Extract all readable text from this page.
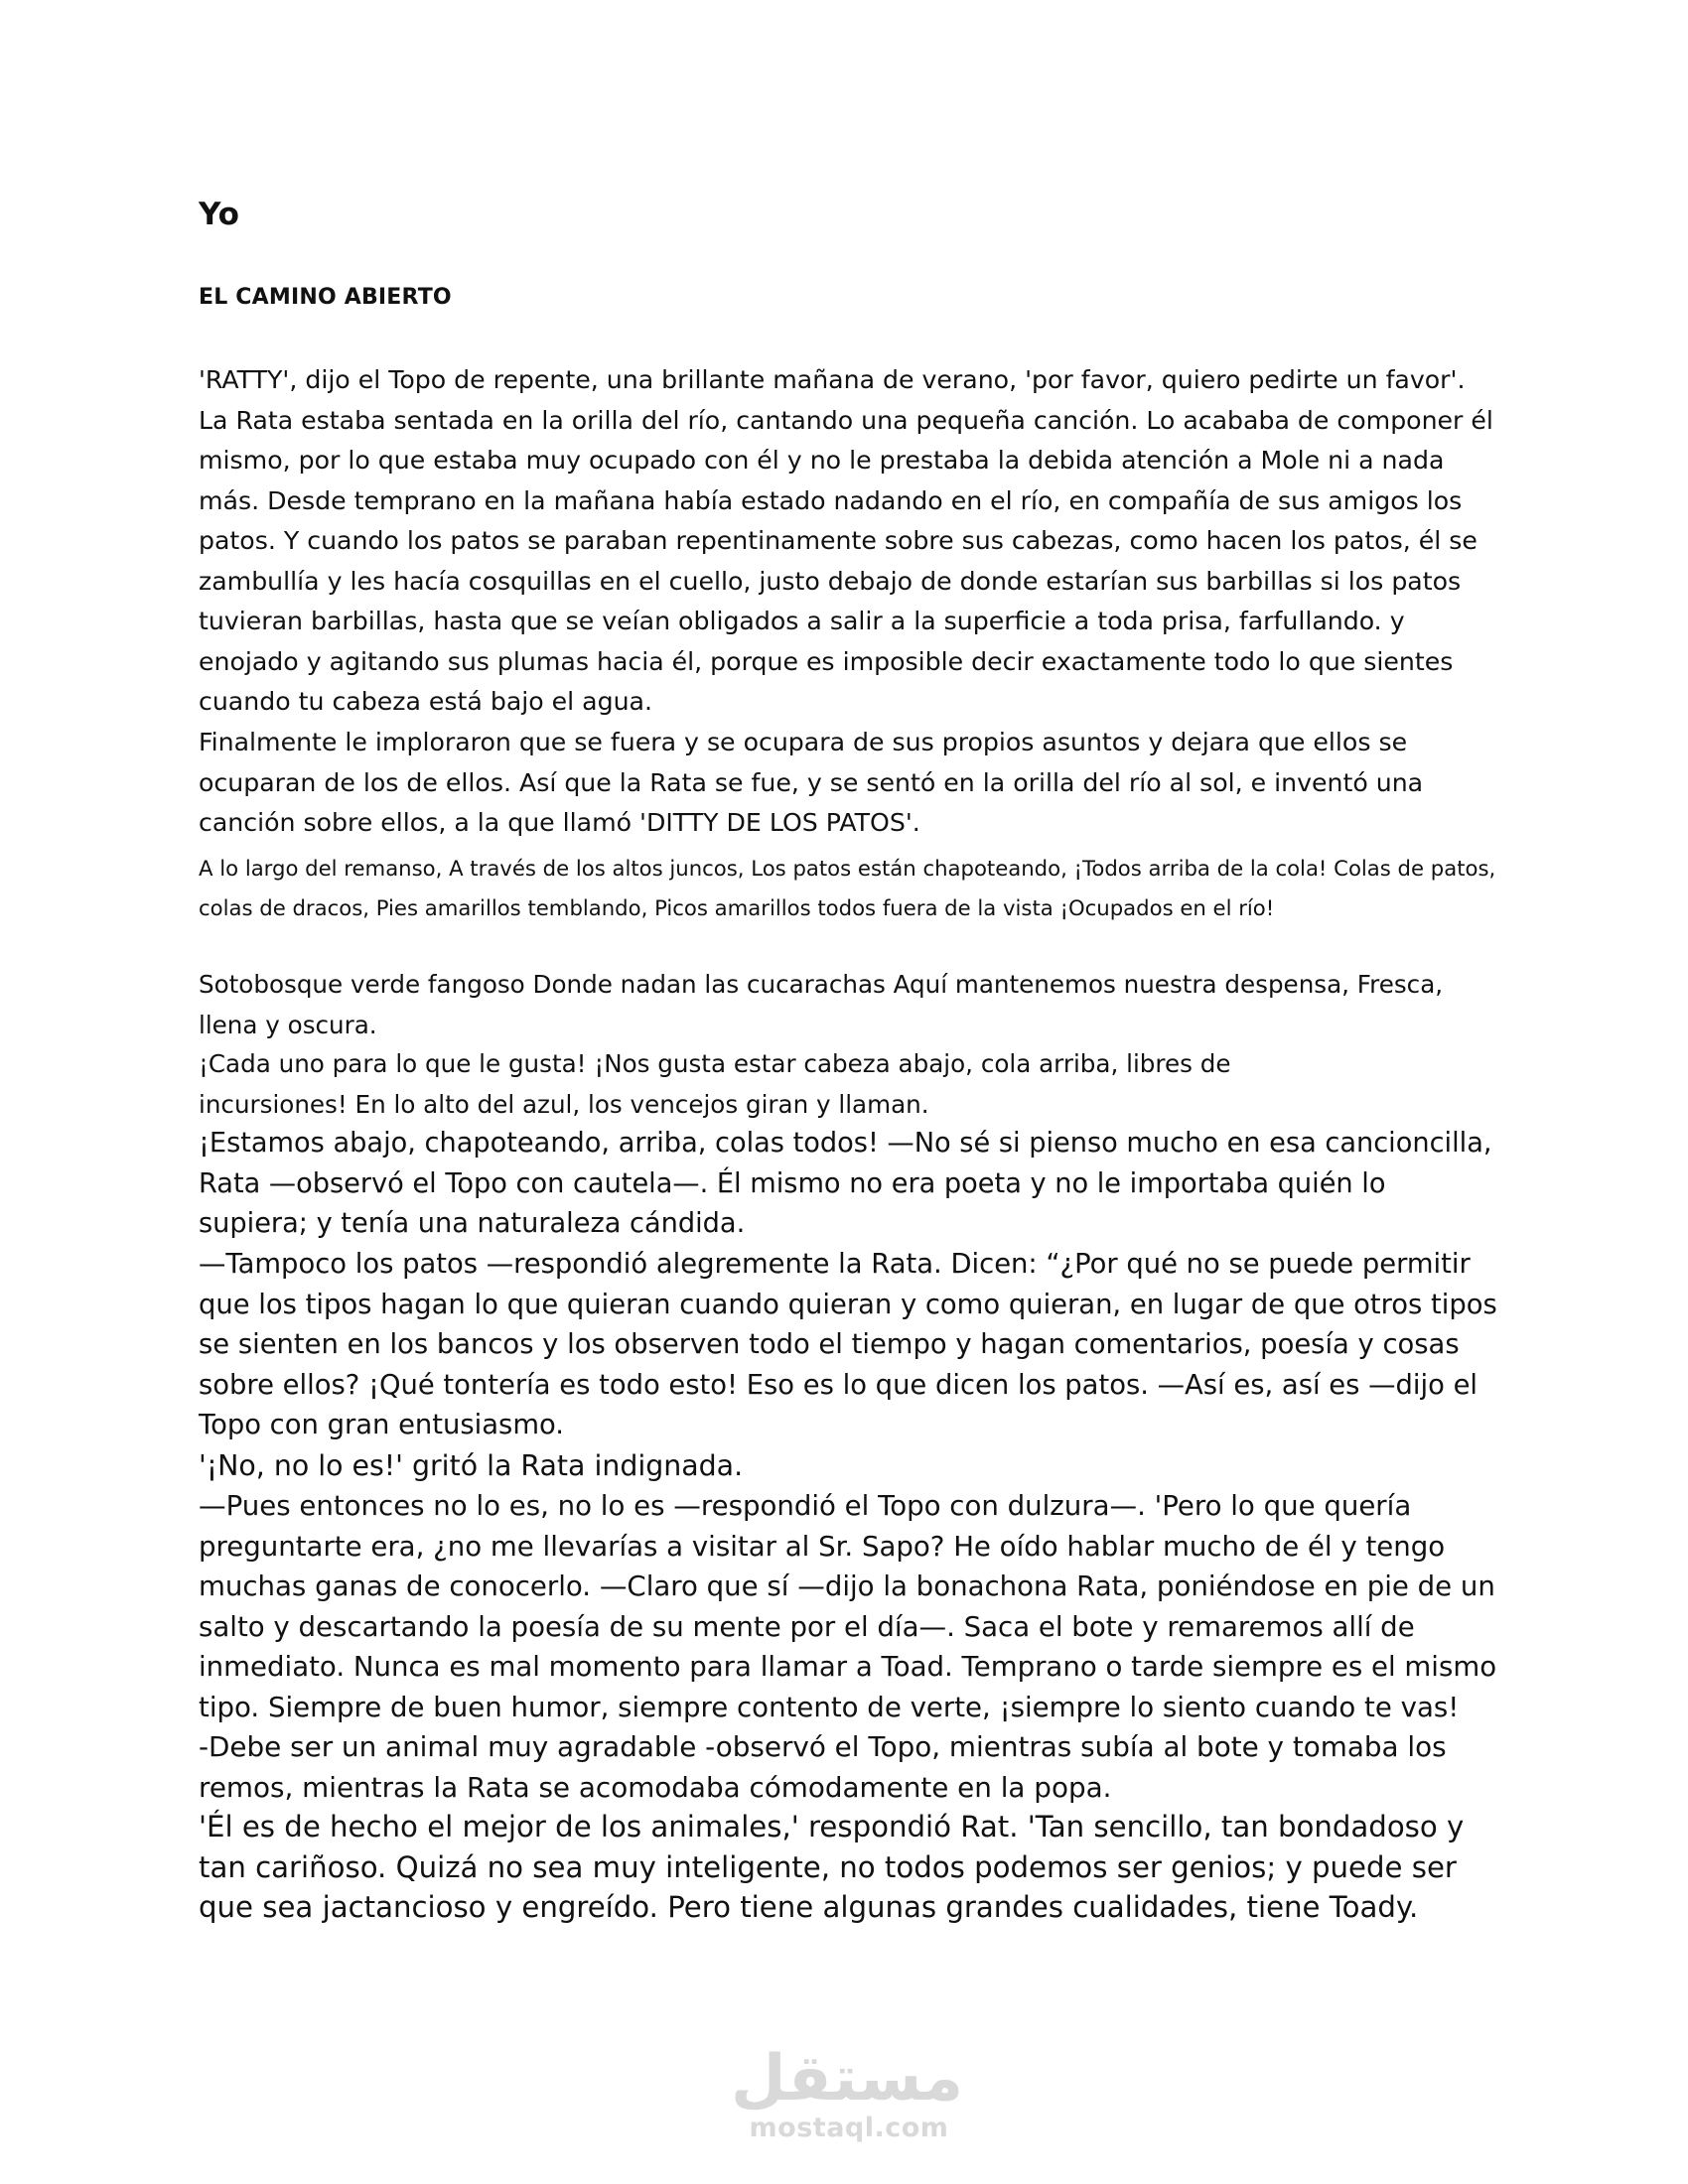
Yo
EL CAMINO ABIERTO

'RATTY', dijo el Topo de repente, una brillante mañana de verano, 'por favor, quiero pedirte un favor'. La Rata estaba sentada en la orilla del río, cantando una pequeña canción. Lo acababa de componer él mismo, por lo que estaba muy ocupado con él y no le prestaba la debida atención a Mole ni a nada más. Desde temprano en la mañana había estado nadando en el río, en compañía de sus amigos los patos. Y cuando los patos se paraban repentinamente sobre sus cabezas, como hacen los patos, él se zambullía y les hacía cosquillas en el cuello, justo debajo de donde estarían sus barbillas si los patos tuvieran barbillas, hasta que se veían obligados a salir a la superficie a toda prisa, farfullando. y enojado y agitando sus plumas hacia él, porque es imposible decir exactamente todo lo que sientes cuando tu cabeza está bajo el agua.

Finalmente le imploraron que se fuera y se ocupara de sus propios asuntos y dejara que ellos se ocuparan de los de ellos. Así que la Rata se fue, y se sentó en la orilla del río al sol, e inventó una canción sobre ellos, a la que llamó 'DITTY DE LOS PATOS'.

A lo largo del remanso, A través de los altos juncos, Los patos están chapoteando, ¡Todos arriba de la cola! Colas de patos, colas de dracos, Pies amarillos temblando, Picos amarillos todos fuera de la vista ¡Ocupados en el río!

Sotobosque verde fangoso Donde nadan las cucarachas Aquí mantenemos nuestra despensa, Fresca, llena y oscura.

¡Cada uno para lo que le gusta! ¡Nos gusta estar cabeza abajo, cola arriba, libres de incursiones! En lo alto del azul, los vencejos giran y llaman.

¡Estamos abajo, chapoteando, arriba, colas todos! —No sé si pienso mucho en esa cancioncilla, Rata —observó el Topo con cautela—. Él mismo no era poeta y no le importaba quién lo supiera; y tenía una naturaleza cándida.

—Tampoco los patos —respondió alegremente la Rata. Dicen: “¿Por qué no se puede permitir que los tipos hagan lo que quieran cuando quieran y como quieran, en lugar de que otros tipos se sienten en los bancos y los observen todo el tiempo y hagan comentarios, poesía y cosas sobre ellos? ¡Qué tontería es todo esto! Eso es lo que dicen los patos. —Así es, así es —dijo el Topo con gran entusiasmo.

'¡No, no lo es!' gritó la Rata indignada.

—Pues entonces no lo es, no lo es —respondió el Topo con dulzura—. 'Pero lo que quería preguntarte era, ¿no me llevarías a visitar al Sr. Sapo? He oído hablar mucho de él y tengo muchas ganas de conocerlo. —Claro que sí —dijo la bonachona Rata, poniéndose en pie de un salto y descartando la poesía de su mente por el día—. Saca el bote y remaremos allí de inmediato. Nunca es mal momento para llamar a Toad. Temprano o tarde siempre es el mismo tipo. Siempre de buen humor, siempre contento de verte, ¡siempre lo siento cuando te vas!

-Debe ser un animal muy agradable -observó el Topo, mientras subía al bote y tomaba los remos, mientras la Rata se acomodaba cómodamente en la popa.

'Él es de hecho el mejor de los animales,' respondió Rat. 'Tan sencillo, tan bondadoso y tan cariñoso. Quizá no sea muy inteligente, no todos podemos ser genios; y puede ser que sea jactancioso y engreído. Pero tiene algunas grandes cualidades, tiene Toady.

مستقل
mostaql.com
